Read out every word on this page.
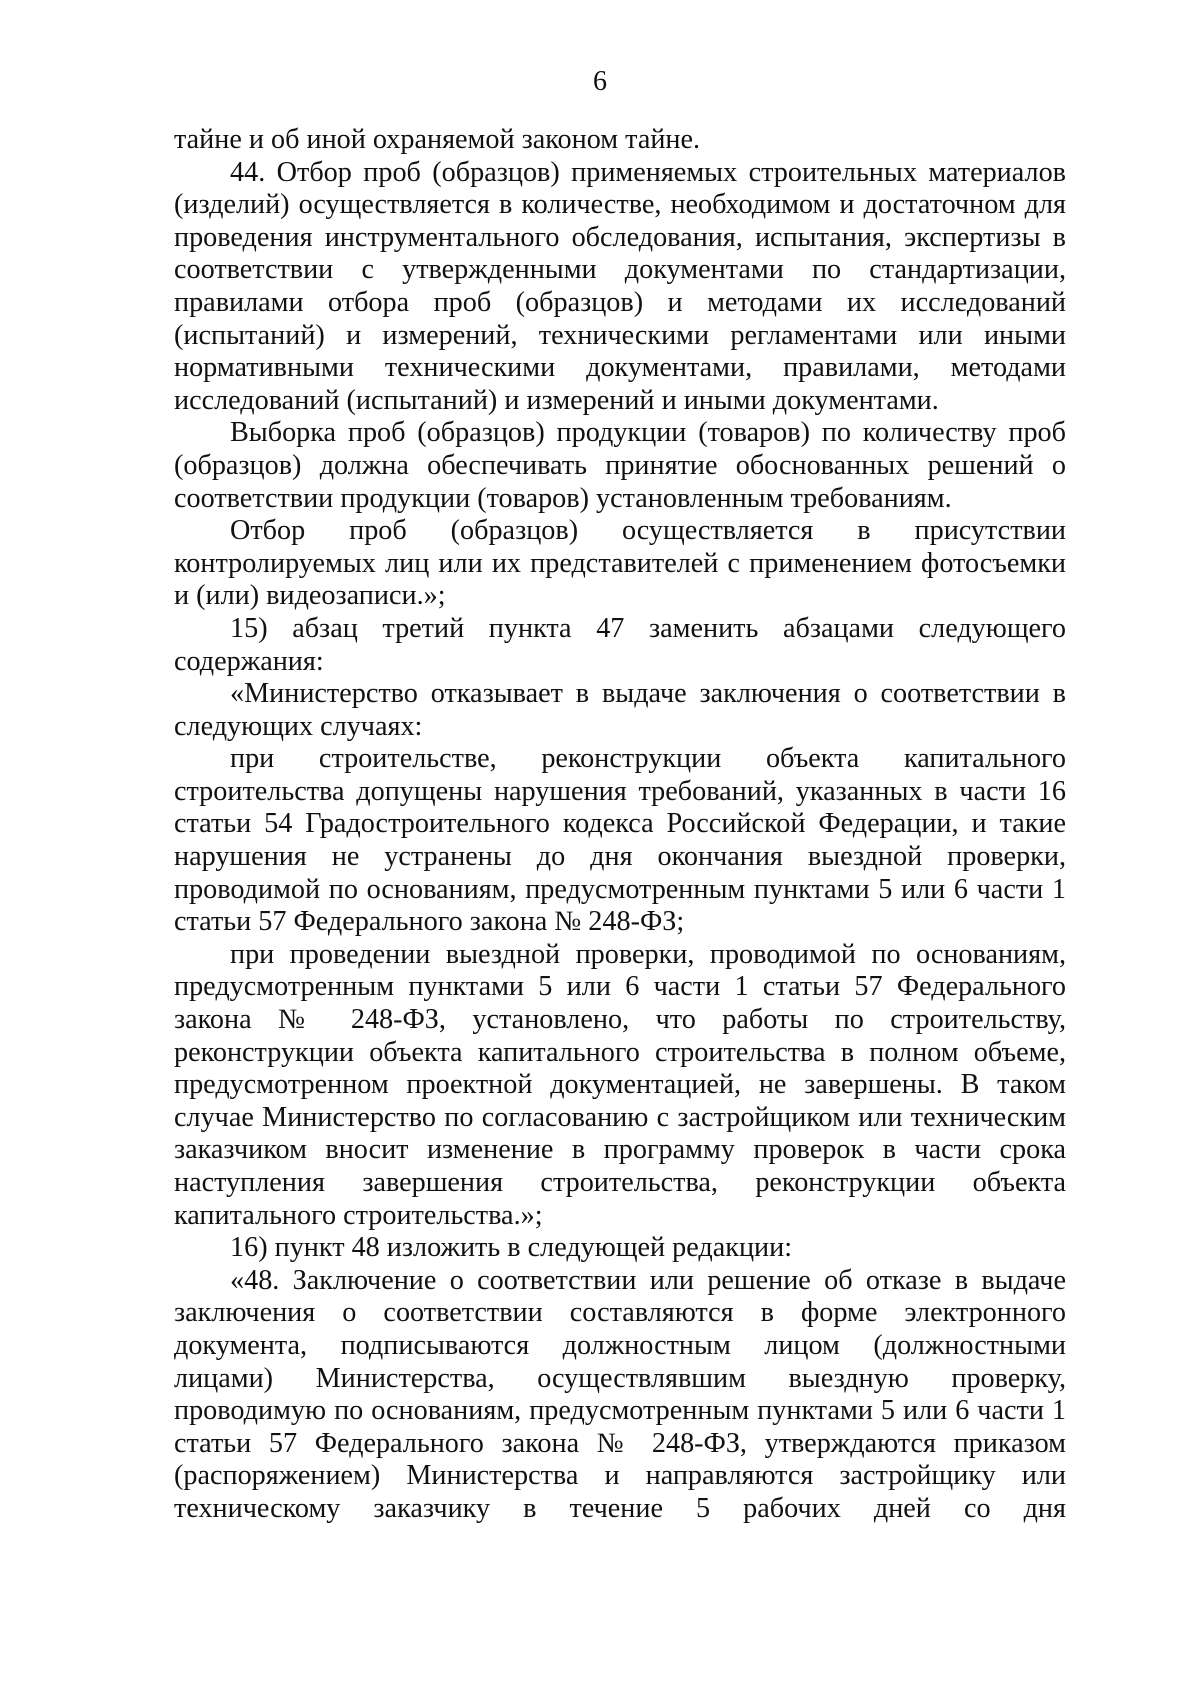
6

тайне и об иной охраняемой законом тайне.

44. Отбор проб (образцов) применяемых строительных материалов (изделий) осуществляется в количестве, необходимом и достаточном для проведения инструментального обследования, испытания, экспертизы в соответствии с утвержденными документами по стандартизации, правилами отбора проб (образцов) и методами их исследований (испытаний) и измерений, техническими регламентами или иными нормативными техническими документами, правилами, методами исследований (испытаний) и измерений и иными документами.

Выборка проб (образцов) продукции (товаров) по количеству проб (образцов) должна обеспечивать принятие обоснованных решений о соответствии продукции (товаров) установленным требованиям.

Отбор проб (образцов) осуществляется в присутствии контролируемых лиц или их представителей с применением фотосъемки и (или) видеозаписи.»;

15) абзац третий пункта 47 заменить абзацами следующего содержания:

«Министерство отказывает в выдаче заключения о соответствии в следующих случаях:

при строительстве, реконструкции объекта капитального строительства допущены нарушения требований, указанных в части 16 статьи 54 Градостроительного кодекса Российской Федерации, и такие нарушения не устранены до дня окончания выездной проверки, проводимой по основаниям, предусмотренным пунктами 5 или 6 части 1 статьи 57 Федерального закона № 248-ФЗ;

при проведении выездной проверки, проводимой по основаниям, предусмотренным пунктами 5 или 6 части 1 статьи 57 Федерального закона № 248-ФЗ, установлено, что работы по строительству, реконструкции объекта капитального строительства в полном объеме, предусмотренном проектной документацией, не завершены. В таком случае Министерство по согласованию с застройщиком или техническим заказчиком вносит изменение в программу проверок в части срока наступления завершения строительства, реконструкции объекта капитального строительства.»;

16) пункт 48 изложить в следующей редакции:

«48. Заключение о соответствии или решение об отказе в выдаче заключения о соответствии составляются в форме электронного документа, подписываются должностным лицом (должностными лицами) Министерства, осуществлявшим выездную проверку, проводимую по основаниям, предусмотренным пунктами 5 или 6 части 1 статьи 57 Федерального закона № 248-ФЗ, утверждаются приказом (распоряжением) Министерства и направляются застройщику или техническому заказчику в течение 5 рабочих дней со дня
